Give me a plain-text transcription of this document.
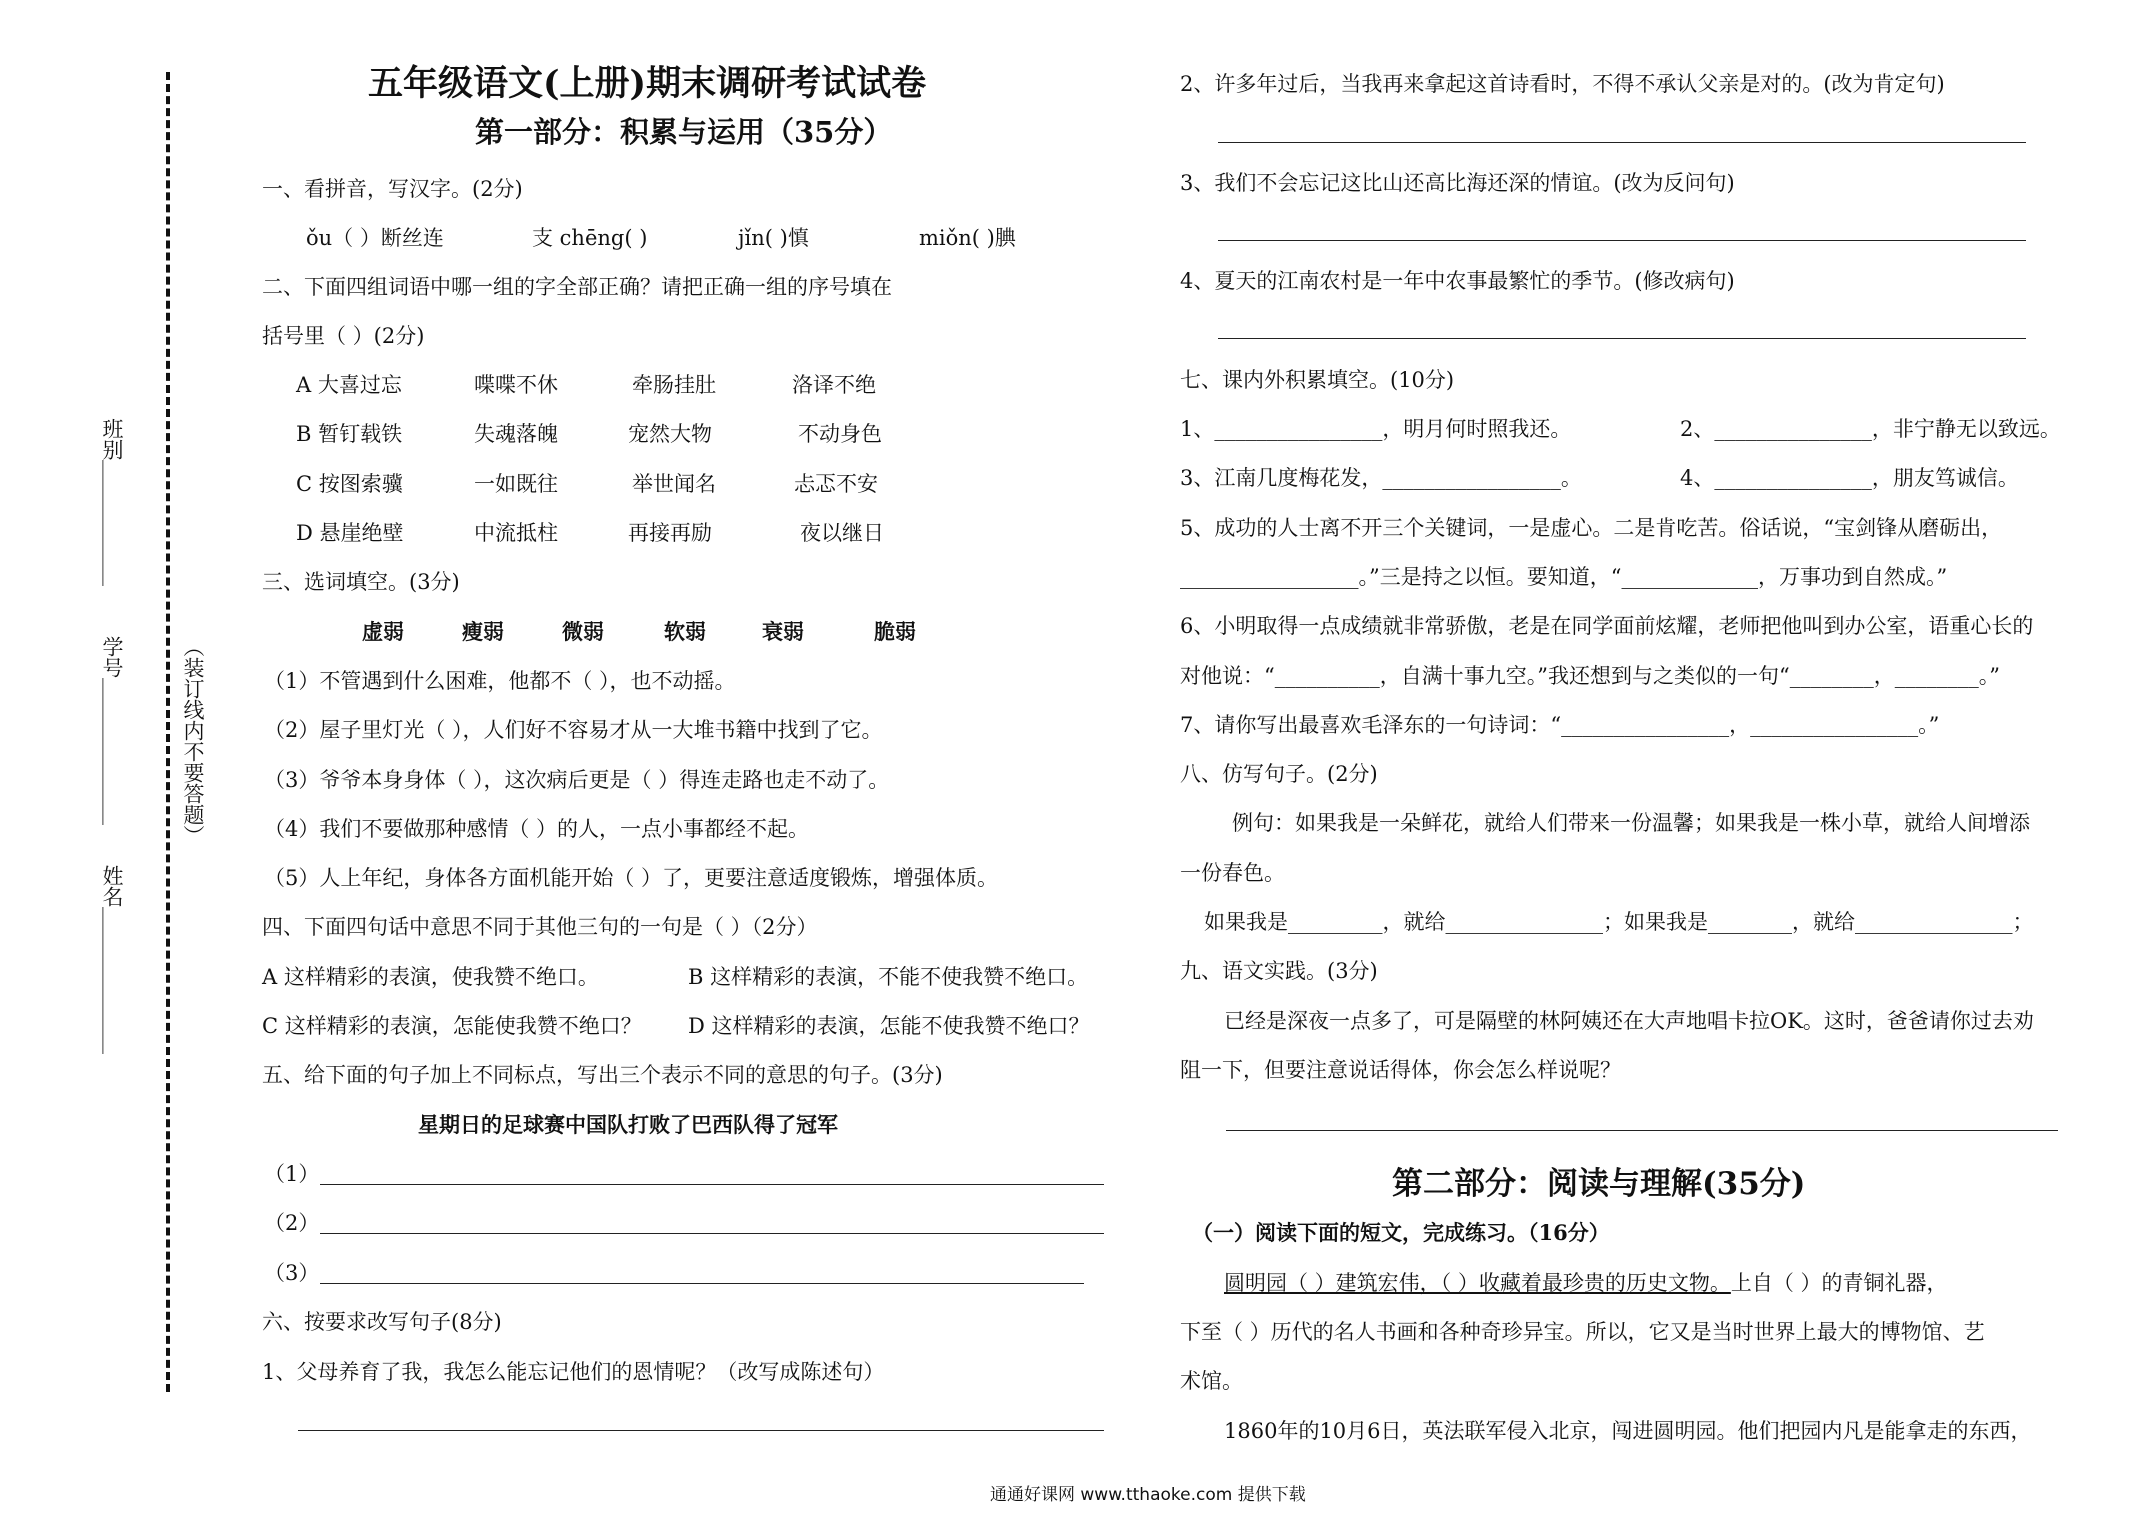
班别＿＿＿＿＿＿学号＿＿＿＿＿＿＿姓名＿＿＿＿＿＿＿
（装订线内不要答题）
五年级语文(上册)期末调研考试试卷
第一部分：积累与运用（35分）
一、看拼音，写汉字。(2分)
ǒu（ ）断丝连	支 chēng( )	jǐn( )慎	miǒn( )腆
二、下面四组词语中哪一组的字全部正确？请把正确一组的序号填在
括号里（ ）(2分)
A 大喜过忘	喋喋不休	牵肠挂肚	洛译不绝
B 暂钉载铁	失魂落魄	宠然大物	不动身色
C 按图索骥	一如既往	举世闻名	忐忑不安
D 悬崖绝壁	中流抵柱	再接再励	夜以继日
三、选词填空。(3分)
虚弱	瘦弱	微弱	软弱	衰弱	脆弱
（1）不管遇到什么困难，他都不（ ），也不动摇。
（2）屋子里灯光（ ），人们好不容易才从一大堆书籍中找到了它。
（3）爷爷本身身体（ ），这次病后更是（ ）得连走路也走不动了。
（4）我们不要做那种感情（ ）的人，一点小事都经不起。
（5）人上年纪，身体各方面机能开始（ ）了，更要注意适度锻炼，增强体质。
四、下面四句话中意思不同于其他三句的一句是（ ）（2分）
A 这样精彩的表演，使我赞不绝口。	B 这样精彩的表演，不能不使我赞不绝口。
C 这样精彩的表演，怎能使我赞不绝口？ D 这样精彩的表演，怎能不使我赞不绝口？
五、给下面的句子加上不同标点，写出三个表示不同的意思的句子。(3分)
星期日的足球赛中国队打败了巴西队得了冠军
（1）
（2）
（3）
六、按要求改写句子(8分)
1、父母养育了我，我怎么能忘记他们的恩情呢？（改写成陈述句）
2、许多年过后，当我再来拿起这首诗看时，不得不承认父亲是对的。(改为肯定句)
3、我们不会忘记这比山还高比海还深的情谊。(改为反问句)
4、夏天的江南农村是一年中农事最繁忙的季节。(修改病句)
七、课内外积累填空。(10分)
1、________________，明月何时照我还。	2、_______________，非宁静无以致远。
3、江南几度梅花发，_________________。	4、_______________，朋友笃诚信。
5、成功的人士离不开三个关键词，一是虚心。二是肯吃苦。俗话说，“宝剑锋从磨砺出，
_________________。”三是持之以恒。要知道，“_____________，万事功到自然成。”
6、小明取得一点成绩就非常骄傲，老是在同学面前炫耀，老师把他叫到办公室，语重心长的
对他说：“__________，自满十事九空。”我还想到与之类似的一句“________，________。”
7、请你写出最喜欢毛泽东的一句诗词：“________________，________________。”
八、仿写句子。(2分)
例句：如果我是一朵鲜花，就给人们带来一份温馨；如果我是一株小草，就给人间增添
一份春色。
如果我是_________，就给_______________；如果我是________，就给_______________；
九、语文实践。(3分)
已经是深夜一点多了，可是隔壁的林阿姨还在大声地唱卡拉OK。这时，爸爸请你过去劝
阻一下，但要注意说话得体，你会怎么样说呢？
第二部分：阅读与理解(35分)
（一）阅读下面的短文，完成练习。（16分）
圆明园（ ）建筑宏伟，（ ）收藏着最珍贵的历史文物。上自（ ）的青铜礼器，
下至（ ）历代的名人书画和各种奇珍异宝。所以，它又是当时世界上最大的博物馆、艺
术馆。
1860年的10月6日，英法联军侵入北京，闯进圆明园。他们把园内凡是能拿走的东西，
通通好课网 www.tthaoke.com 提供下载
